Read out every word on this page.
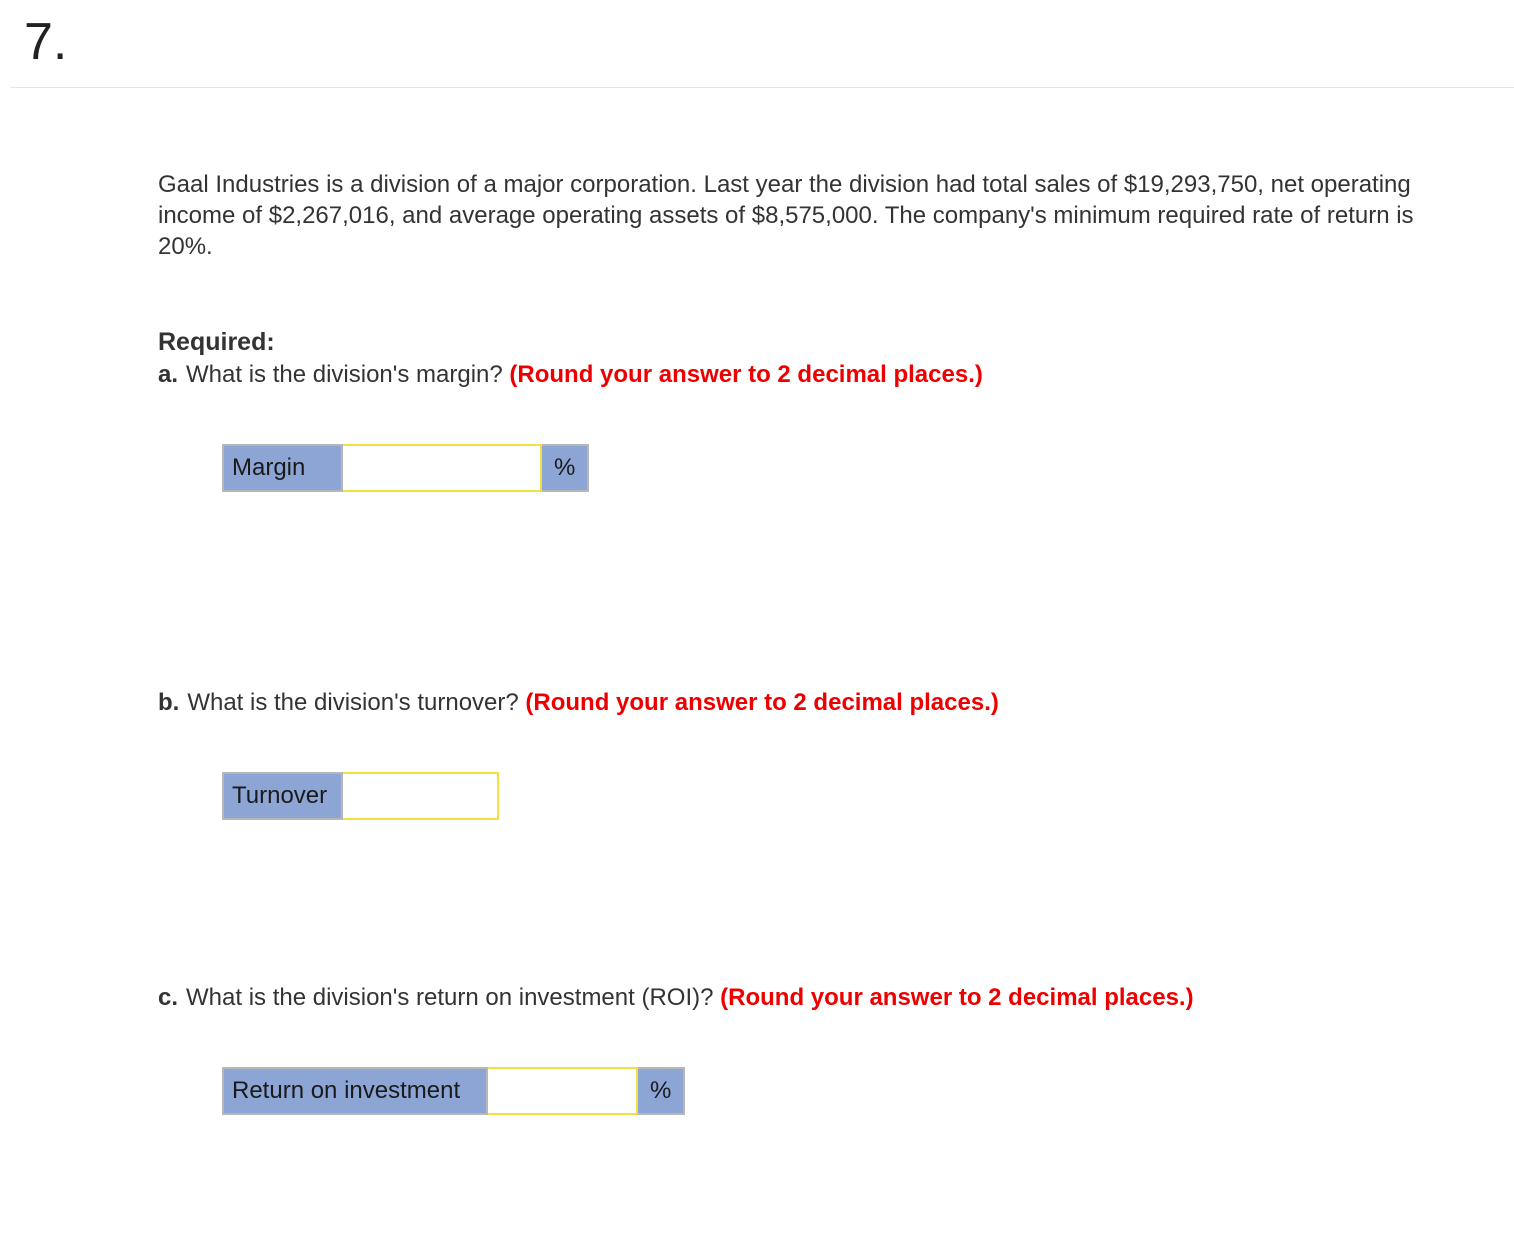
7.
Gaal Industries is a division of a major corporation. Last year the division had total sales of $19,293,750, net operating income of $2,267,016, and average operating assets of $8,575,000. The company's minimum required rate of return is 20%.
Required:
a. What is the division's margin? (Round your answer to 2 decimal places.)
Margin		%
b. What is the division's turnover? (Round your answer to 2 decimal places.)
Turnover	
c. What is the division's return on investment (ROI)? (Round your answer to 2 decimal places.)
Return on investment		%
